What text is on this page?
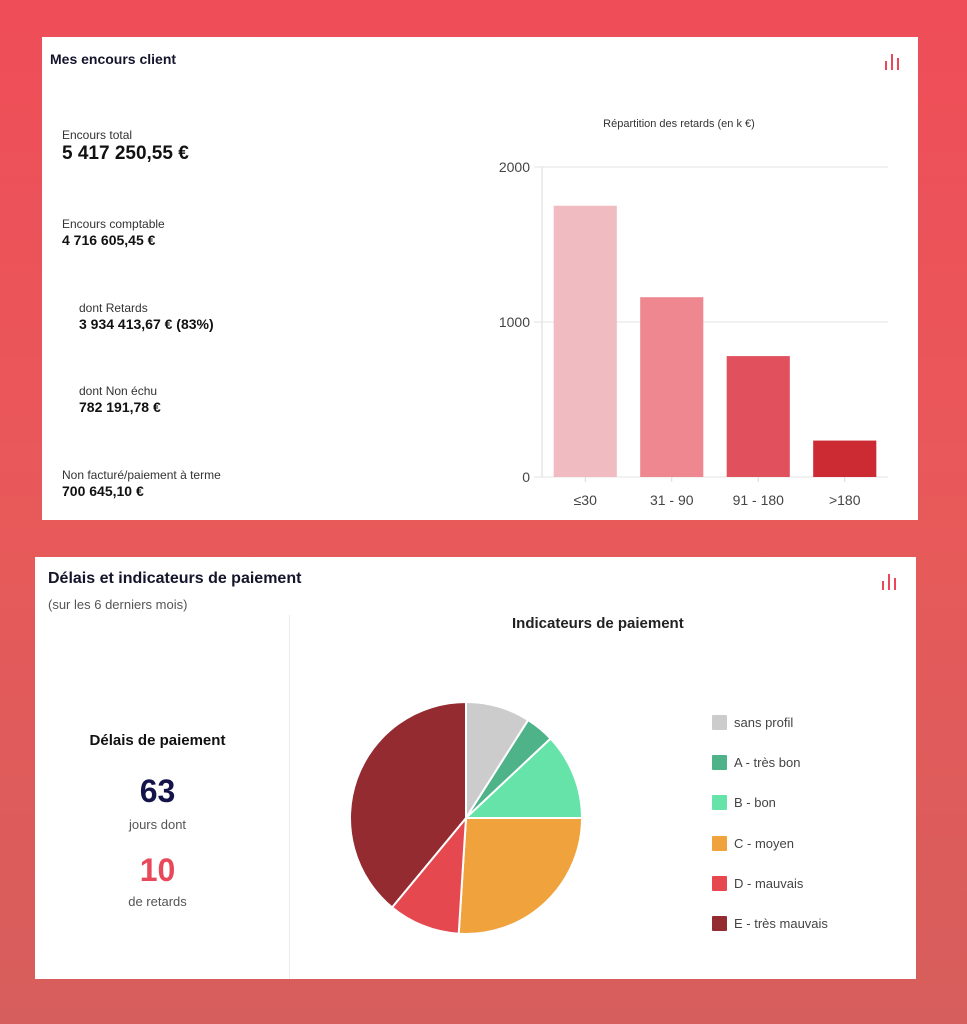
Mes encours client
Encours total
5 417 250,55 €
Encours comptable
4 716 605,45 €
dont Retards
3 934 413,67 € (83%)
dont Non échu
782 191,78 €
Non facturé/paiement à terme
700 645,10 €
Répartition des retards (en k €)
0
1000
2000
≤30	31 - 90	91 - 180	>180
Délais et indicateurs de paiement
(sur les 6 derniers mois)
Délais de paiement
63
jours dont
10
de retards
Indicateurs de paiement
sans profil
A - très bon
B - bon
C - moyen
D - mauvais
E - très mauvais
